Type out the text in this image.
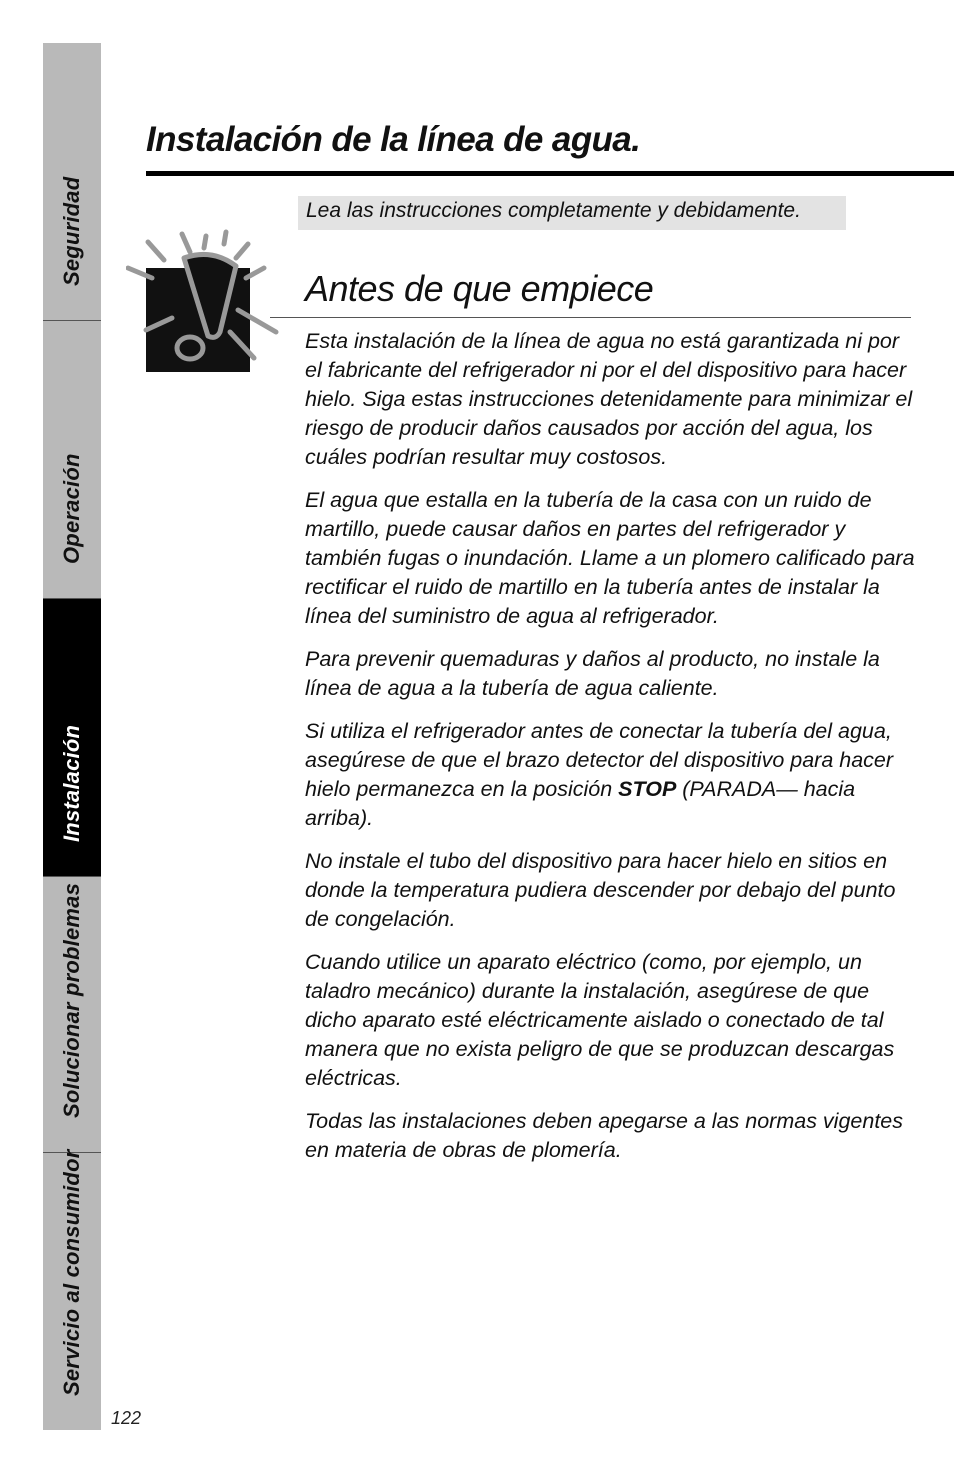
Seguridad
Operación
Instalación
Solucionar problemas
Servicio al consumidor
122
Instalación de la línea de agua.
Lea las instrucciones completamente y debidamente.
Antes de que empiece

Esta instalación de la línea de agua no está garantizada ni por el fabricante del refrigerador ni por el del dispositivo para hacer hielo. Siga estas instrucciones detenidamente para minimizar el riesgo de producir daños causados por acción del agua, los cuáles podrían resultar muy costosos.

El agua que estalla en la tubería de la casa con un ruido de martillo, puede causar daños en partes del refrigerador y también fugas o inundación. Llame a un plomero calificado para rectificar el ruido de martillo en la tubería antes de instalar la línea del suministro de agua al refrigerador.

Para prevenir quemaduras y daños al producto, no instale la línea de agua a la tubería de agua caliente.

Si utiliza el refrigerador antes de conectar la tubería del agua, asegúrese de que el brazo detector del dispositivo para hacer hielo permanezca en la posición STOP (PARADA— hacia arriba).

No instale el tubo del dispositivo para hacer hielo en sitios en donde la temperatura pudiera descender por debajo del punto de congelación.

Cuando utilice un aparato eléctrico (como, por ejemplo, un taladro mecánico) durante la instalación, asegúrese de que dicho aparato esté eléctricamente aislado o conectado de tal manera que no exista peligro de que se produzcan descargas eléctricas.

Todas las instalaciones deben apegarse a las normas vigentes en materia de obras de plomería.
